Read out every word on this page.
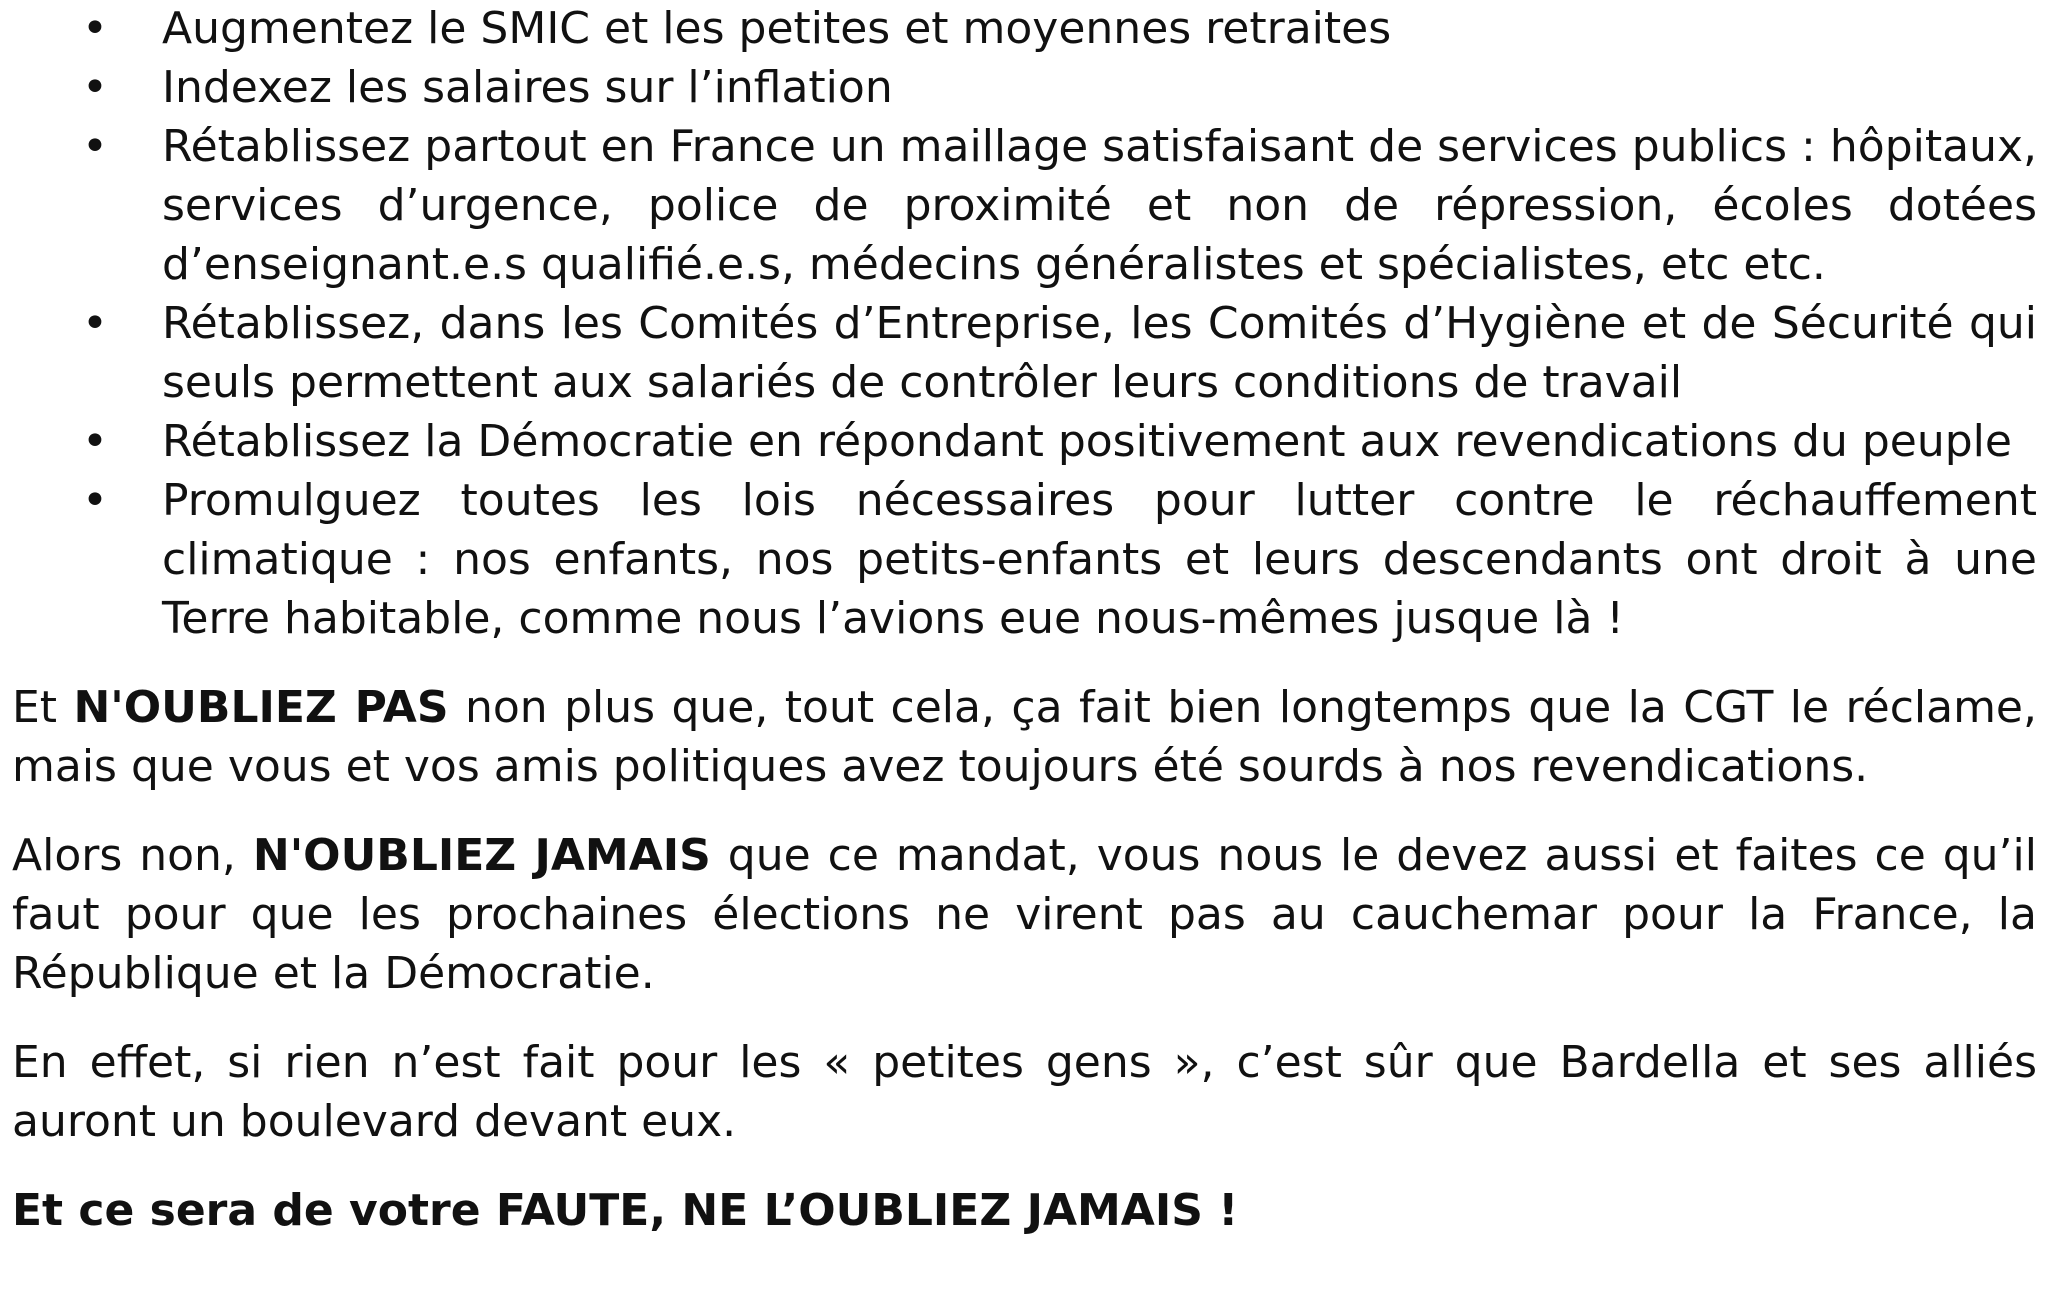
• Augmentez le SMIC et les petites et moyennes retraites
• Indexez les salaires sur l’inflation
• Rétablissez partout en France un maillage satisfaisant de services publics : hôpitaux, services d’urgence, police de proximité et non de répression, écoles dotées d’enseignant.e.s qualifié.e.s, médecins généralistes et spécialistes, etc etc.
• Rétablissez, dans les Comités d’Entreprise, les Comités d’Hygiène et de Sécurité qui seuls permettent aux salariés de contrôler leurs conditions de travail
• Rétablissez la Démocratie en répondant positivement aux revendications du peuple
• Promulguez toutes les lois nécessaires pour lutter contre le réchauffement climatique : nos enfants, nos petits-enfants et leurs descendants ont droit à une Terre habitable, comme nous l’avions eue nous-mêmes jusque là !

Et N'OUBLIEZ PAS non plus que, tout cela, ça fait bien longtemps que la CGT le réclame, mais que vous et vos amis politiques avez toujours été sourds à nos revendications.

Alors non, N'OUBLIEZ JAMAIS que ce mandat, vous nous le devez aussi et faites ce qu’il faut pour que les prochaines élections ne virent pas au cauchemar pour la France, la République et la Démocratie.

En effet, si rien n’est fait pour les « petites gens », c’est sûr que Bardella et ses alliés auront un boulevard devant eux.

Et ce sera de votre FAUTE, NE L’OUBLIEZ JAMAIS !
